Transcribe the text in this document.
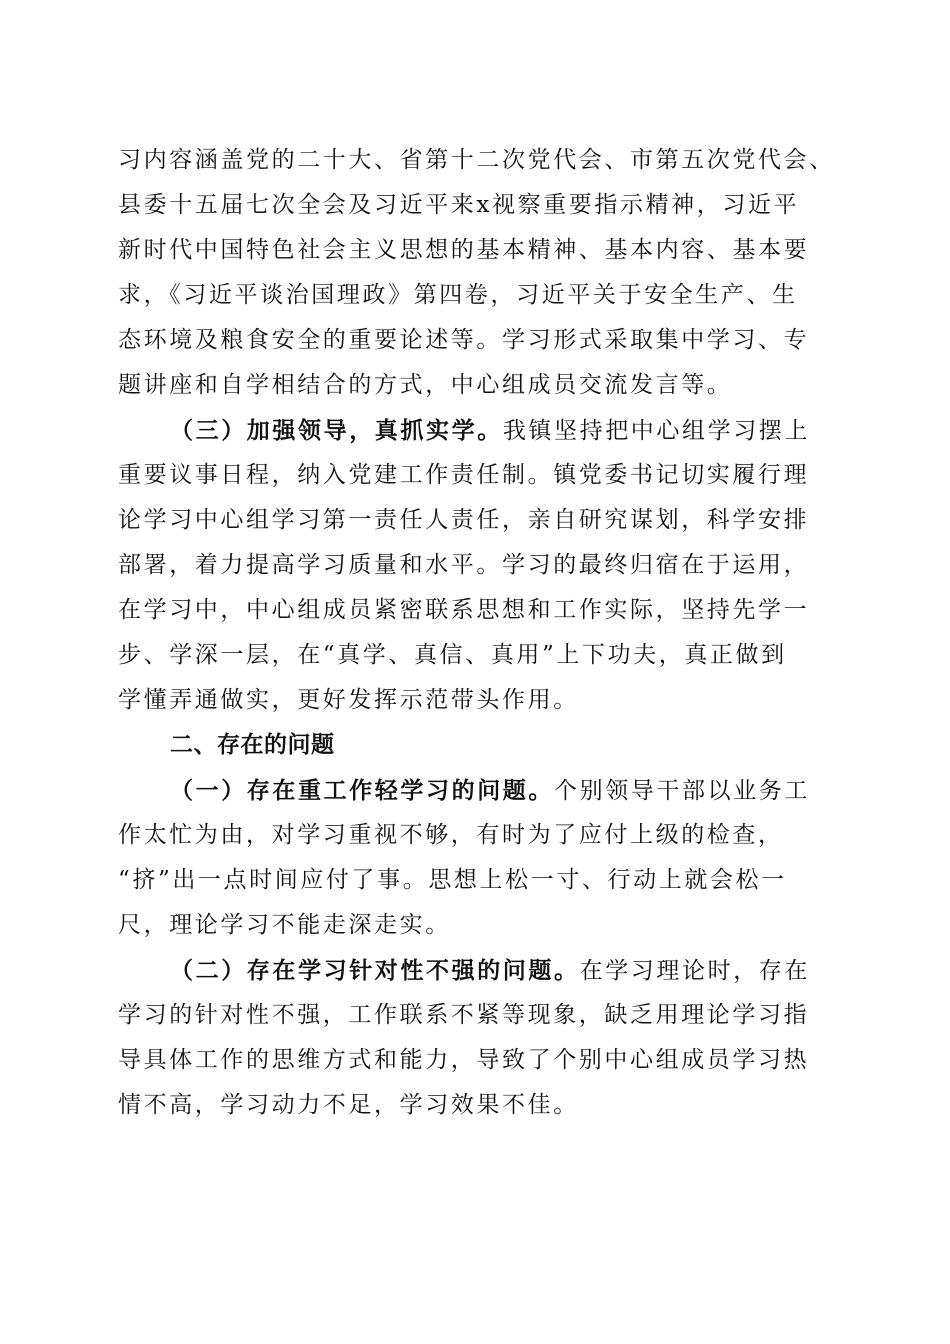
习内容涵盖党的二十大、省第十二次党代会、市第五次党代会、
县委十五届七次全会及习近平来x视察重要指示精神，习近平
新时代中国特色社会主义思想的基本精神、基本内容、基本要
求，《习近平谈治国理政》第四卷，习近平关于安全生产、生
态环境及粮食安全的重要论述等。学习形式采取集中学习、专
题讲座和自学相结合的方式，中心组成员交流发言等。
（三）加强领导，真抓实学。我镇坚持把中心组学习摆上
重要议事日程，纳入党建工作责任制。镇党委书记切实履行理
论学习中心组学习第一责任人责任，亲自研究谋划，科学安排
部署，着力提高学习质量和水平。学习的最终归宿在于运用，
在学习中，中心组成员紧密联系思想和工作实际，坚持先学一
步、学深一层，在“真学、真信、真用”上下功夫，真正做到
学懂弄通做实，更好发挥示范带头作用。
二、存在的问题
（一）存在重工作轻学习的问题。个别领导干部以业务工
作太忙为由，对学习重视不够，有时为了应付上级的检查，
“挤”出一点时间应付了事。思想上松一寸、行动上就会松一
尺，理论学习不能走深走实。
（二）存在学习针对性不强的问题。在学习理论时，存在
学习的针对性不强，工作联系不紧等现象，缺乏用理论学习指
导具体工作的思维方式和能力，导致了个别中心组成员学习热
情不高，学习动力不足，学习效果不佳。
